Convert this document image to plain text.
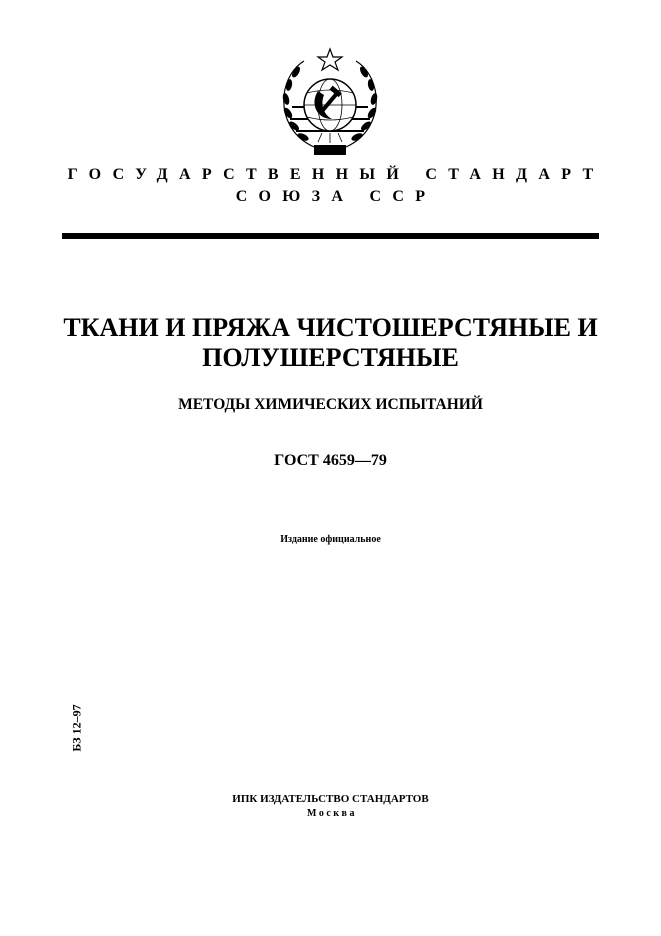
ГОСУДАРСТВЕННЫЙ СТАНДАРТ
СОЮЗА ССР
ТКАНИ И ПРЯЖА ЧИСТОШЕРСТЯНЫЕ И ПОЛУШЕРСТЯНЫЕ
МЕТОДЫ ХИМИЧЕСКИХ ИСПЫТАНИЙ
ГОСТ 4659—79
Издание официальное
БЗ 12–97
ИПК ИЗДАТЕЛЬСТВО СТАНДАРТОВ
Москва
